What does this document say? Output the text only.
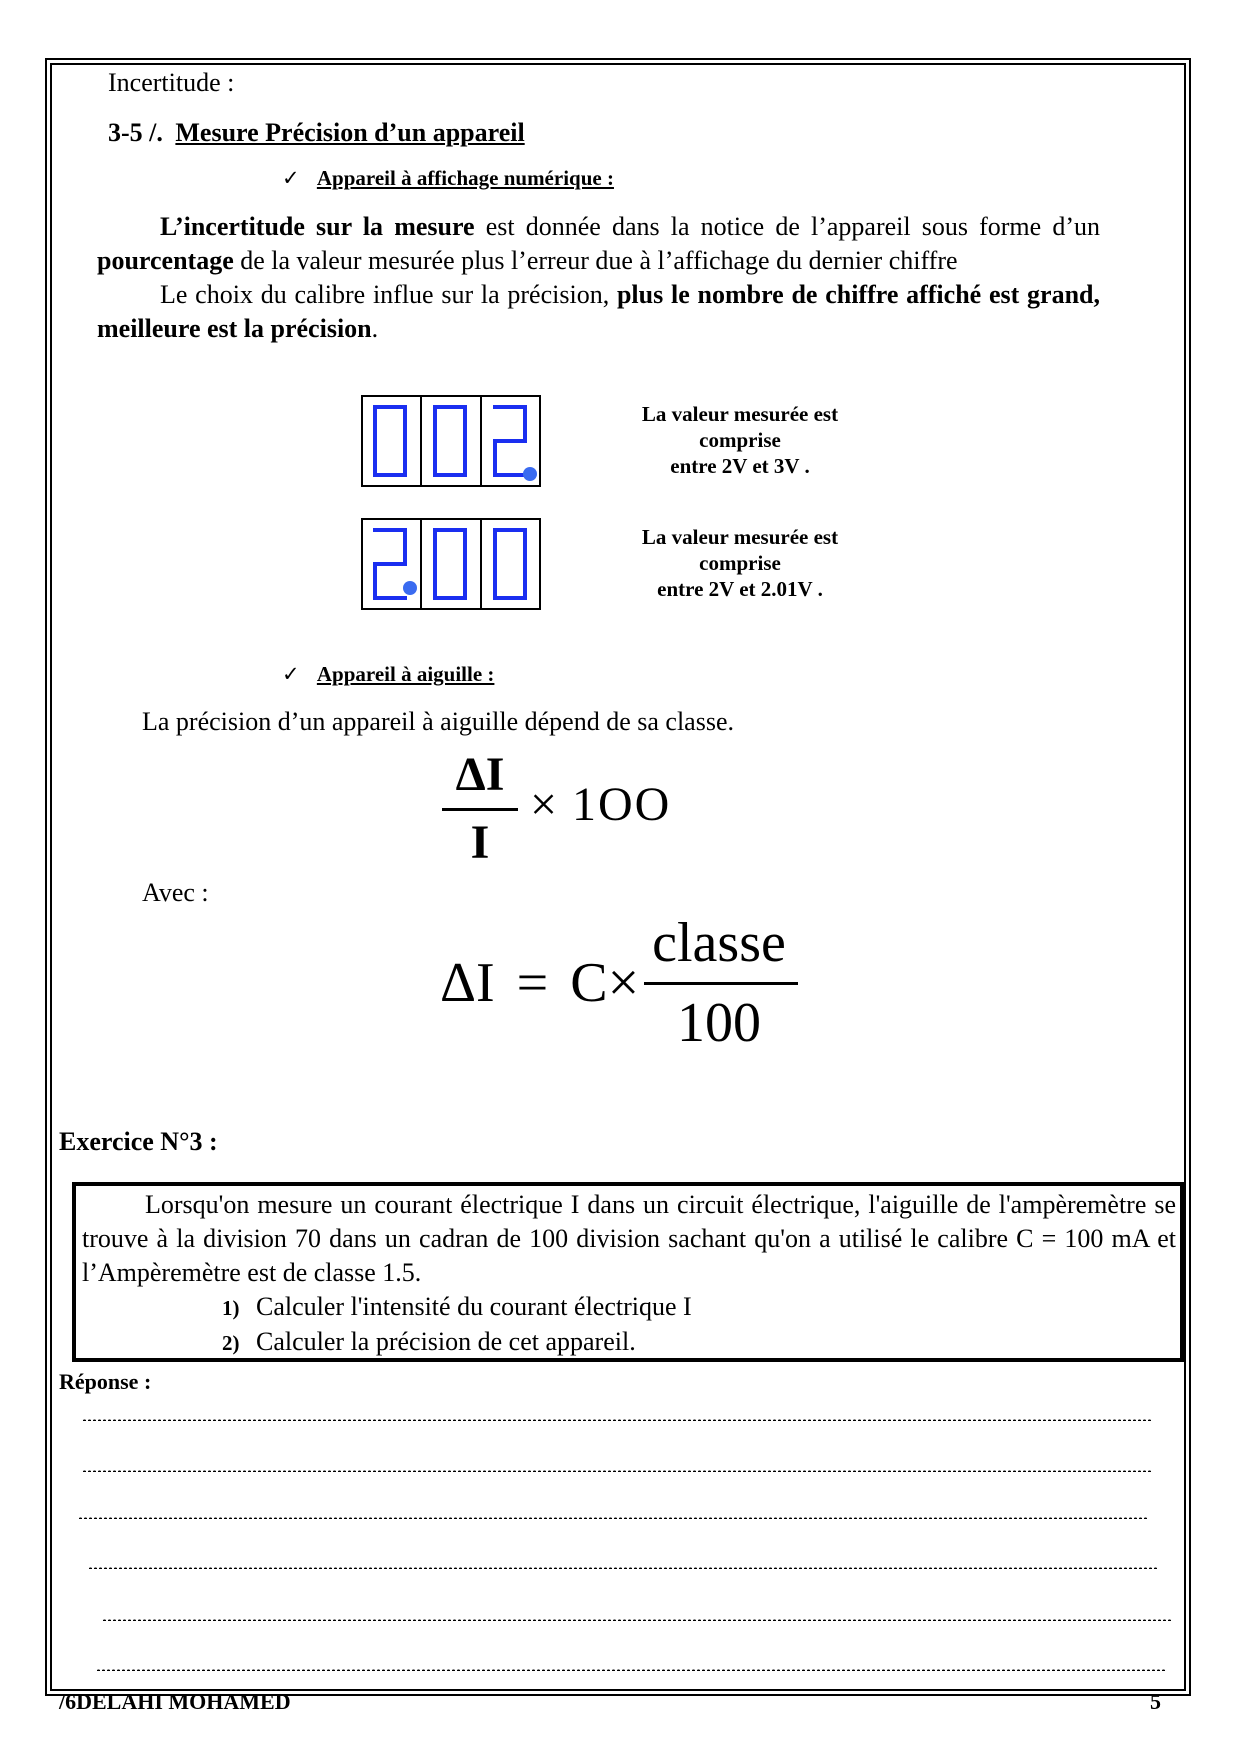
Incertitude :
3-5 /. Mesure Précision d’un appareil
✓ Appareil à affichage numérique :

L’incertitude sur la mesure est donnée dans la notice de l’appareil sous forme d’un pourcentage de la valeur mesurée plus l’erreur due à l’affichage du dernier chiffre

Le choix du calibre influe sur la précision, plus le nombre de chiffre affiché est grand, meilleure est la précision.

La valeur mesurée est
comprise
entre 2V et 3V .
La valeur mesurée est
comprise
entre 2V et 2.01V .
✓ Appareil à aiguille :
La précision d’un appareil à aiguille dépend de sa classe.
ΔI
I
× 1OO
Avec :
ΔI = C×
classe
100
Exercice N°3 :

Lorsqu'on mesure un courant électrique I dans un circuit électrique, l'aiguille de l'ampèremètre se trouve à la division 70 dans un cadran de 100 division sachant qu'on a utilisé le calibre C = 100 mA et l’Ampèremètre est de classe 1.5.

1) Calculer l'intensité du courant électrique I
2) Calculer la précision de cet appareil.
Réponse :
/6DELAHI MOHAMED	5
